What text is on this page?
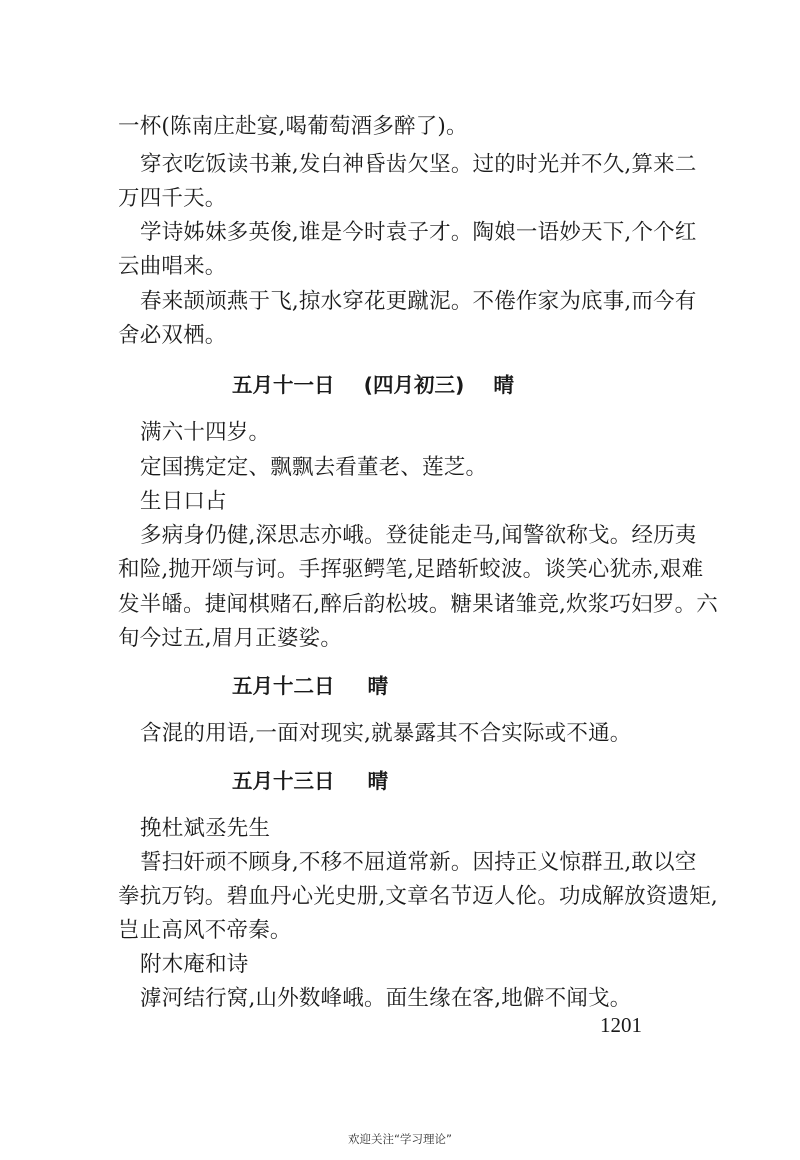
一杯(陈南庄赴宴,喝葡萄酒多醉了)。
穿衣吃饭读书兼,发白神昏齿欠坚。过的时光并不久,算来二
万四千天。
学诗姊妹多英俊,谁是今时袁子才。陶娘一语妙天下,个个红
云曲唱来。
春来颉颃燕于飞,掠水穿花更蹴泥。不倦作家为底事,而今有
舍必双栖。
五月十一日 (四月初三) 晴
满六十四岁。
定国携定定、飘飘去看董老、莲芝。
生日口占
多病身仍健,深思志亦峨。登徒能走马,闻警欲称戈。经历夷
和险,抛开颂与诃。手挥驱鳄笔,足踏斩蛟波。谈笑心犹赤,艰难
发半皤。捷闻棋赌石,醉后韵松坡。糖果诸雏竞,炊浆巧妇罗。六
旬今过五,眉月正婆娑。
五月十二日 晴
含混的用语,一面对现实,就暴露其不合实际或不通。
五月十三日 晴
挽杜斌丞先生
誓扫奸顽不顾身,不移不屈道常新。因持正义惊群丑,敢以空
拳抗万钧。碧血丹心光史册,文章名节迈人伦。功成解放资遗矩,
岂止高风不帝秦。
附木庵和诗
滹河结行窝,山外数峰峨。面生缘在客,地僻不闻戈。
1201
欢迎关注“学习理论”
